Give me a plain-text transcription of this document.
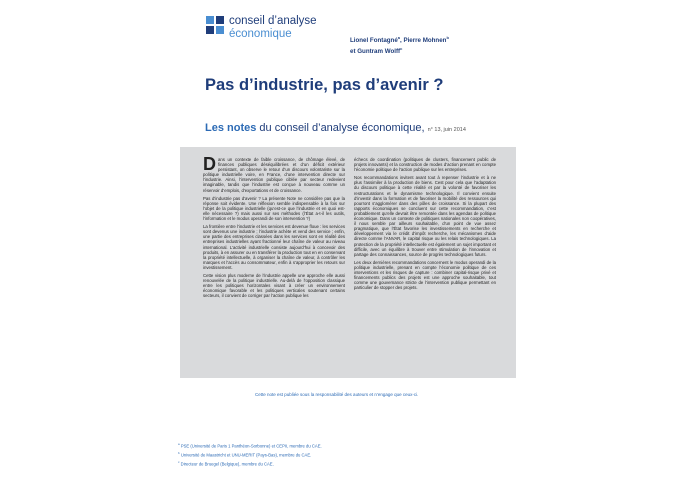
conseil d’analyse
économique
Lionel Fontagné$^a$, Pierre Mohnen$^b$
et Guntram Wolff$^c$
Pas d’industrie, pas d’avenir ?
Les notes du conseil d’analyse économique, n° 13, juin 2014

Dans un contexte de faible croissance, de chômage élevé, de finances publiques déséquilibrées et d’un déficit extérieur persistant, on observe le retour d’un discours volontariste sur la politique industrielle voire, en France, d’une intervention directe sur l’industrie. Ainsi, l’intervention publique ciblée par secteur redevient imaginable, tandis que l’industrie est conçue à nouveau comme un réservoir d’emplois, d’exportations et de croissance.

Pas d’industrie pas d’avenir ? La présente Note ne considère pas que la réponse soit évidente. Une réflexion semble indispensable à la fois sur l’objet de la politique industrielle (qu’est-ce que l’industrie et en quoi est-elle nécessaire ?) mais aussi sur ses méthodes (l’État a-t-il les outils, l’information et le modus operandi de son intervention ?)

La frontière entre l’industrie et les services est devenue floue : les services sont devenus une industrie ; l’industrie achète et vend des service ; enfin, une partie des entreprises classées dans les services sont en réalité des entreprises industrielles ayant fractionné leur chaîne de valeur au niveau international. L’activité industrielle consiste aujourd’hui à concevoir des produits, à en assurer ou en transférer la production tout en en conservant la propriété intellectuelle, à organiser la chaîne de valeur, à contrôler les marques et l’accès au consommateur, enfin à s’approprier les retours sur investissement.

Cette vision plus moderne de l’industrie appelle une approche elle aussi renouvelée de la politique industrielle. Au-delà de l’opposition classique entre les politiques horizontales visant à créer un environnement économique favorable et les politiques verticales soutenant certains secteurs, il convient de corriger par l’action publique les

échecs de coordination (politiques de clusters, financement public de projets innovants) et la construction de modes d’action prenant en compte l’économie politique de l’action publique sur les entreprises.

Nos recommandations invitent avant tout à repenser l’industrie et à ne plus l’assimiler à la production de biens. Cest pour cela que l’adaptation du discours politique à cette réalité et par la volonté de favoriser les restructurations et le dynamisme technologique. Il convient ensuite d’investir dans la formation et de favoriser la mobilité des ressources qui pourront s’agglomérer dans des pôles de croissance. Si la plupart des rapports économiques se concluent sur cette recommandation, c’est probablement qu’elle devrait être remontée dans les agendas de politique économique. Dans un contexte de politiques nationales non coopératives, il nous semble par ailleurs souhaitable, d’un point de vue assez pragmatique, que l’État favorise les investissements en recherche et développement via le crédit d’impôt recherche, les mécanismes d’aide directe comme l’ANVAR, le capital risque ou les relais technologiques. La protection de la propriété intellectuelle est également un sujet important et difficile, avec un équilibre à trouver entre stimulation de l’innovation et partage des connaissances, source de progrès technologiques futurs.

Les deux dernières recommandations concernent le modus operandi de la politique industrielle, prenant en compte l’économie politique de ces interventions et les risques de capture : combiner capital-risque privé et financements publics des projets est une approche souhaitable, tout comme une gouvernance stricte de l’intervention publique permettant en particulier de stopper des projets.

Cette note est publiée sous la responsabilité des auteurs et n’engage que ceux-ci.
$^a$ PSE (Université de Paris 1 Panthéon-Sorbonne) et CEPII, membre du CAE.
$^b$ Université de Maastricht et UNU-MERIT (Pays-Bas), membre du CAE.
$^c$ Directeur de Bruegel (Belgique), membre du CAE.
